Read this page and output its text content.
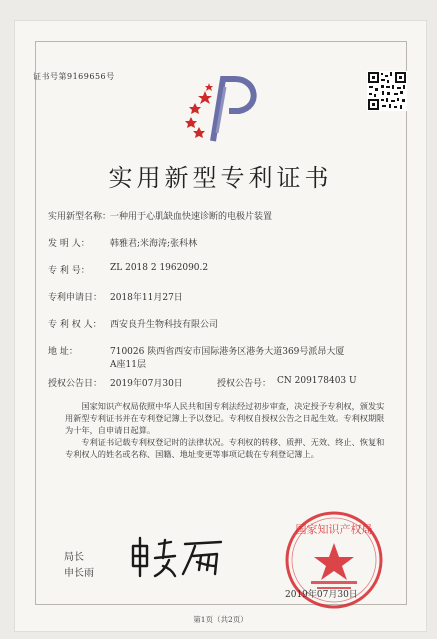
证书号第9169656号
实用新型专利证书
实用新型名称：
一种用于心肌缺血快速诊断的电极片装置
发 明 人： 韩雅君;米海涛;张科林
专 利 号： ZL 2018 2 1962090.2
专利申请日： 2018年11月27日
专 利 权 人： 西安良升生物科技有限公司
地 址：	710026 陕西省西安市国际港务区港务大道369号派昂大厦
A座11层
授权公告日： 2019年07月30日	授权公告号： CN 209178403 U

国家知识产权局依照中华人民共和国专利法经过初步审查，决定授予专利权，颁发实用新型专利证书并在专利登记簿上予以登记。专利权自授权公告之日起生效。专利权期限为十年，自申请日起算。

专利证书记载专利权登记时的法律状况。专利权的转移、质押、无效、终止、恢复和专利权人的姓名或名称、国籍、地址变更等事项记载在专利登记簿上。

局长
申长雨
国家知识产权局
2019年07月30日
第1页（共2页）
